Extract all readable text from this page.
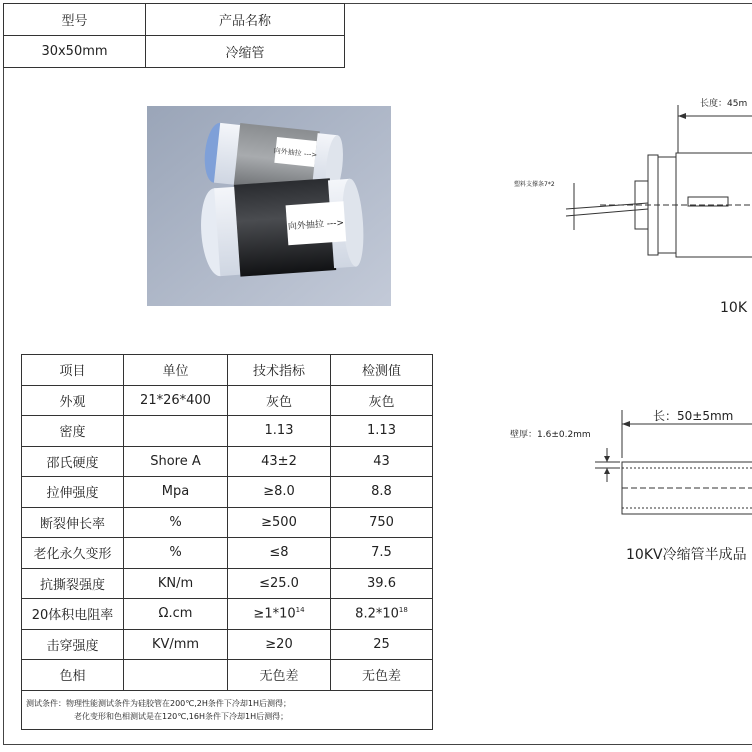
型号	产品名称
30x50mm	冷缩管
向外抽拉 --->
向外抽拉 --->
项目	单位	技术指标	检测值
外观	21*26*400	灰色	灰色
密度		1.13	1.13
邵氏硬度	Shore A	43±2	43
拉伸强度	Mpa	≥8.0	8.8
断裂伸长率	%	≥500	750
老化永久变形	%	≤8	7.5
抗撕裂强度	KN/m	≤25.0	39.6
20体积电阻率	Ω.cm	$\ge 1*10^{14}$	$8.2*10^{18}$
击穿强度	KV/mm	≥20	25
色相		无色差	无色差

测试条件：物理性能测试条件为硅胶管在200℃,2H条件下冷却1H后测得；
老化变形和色相测试是在120℃,16H条件下冷却1H后测得；			
长度：45m
塑料支撑条7*2
10K
长：50±5mm
壁厚：1.6±0.2mm
10KV冷缩管半成品
